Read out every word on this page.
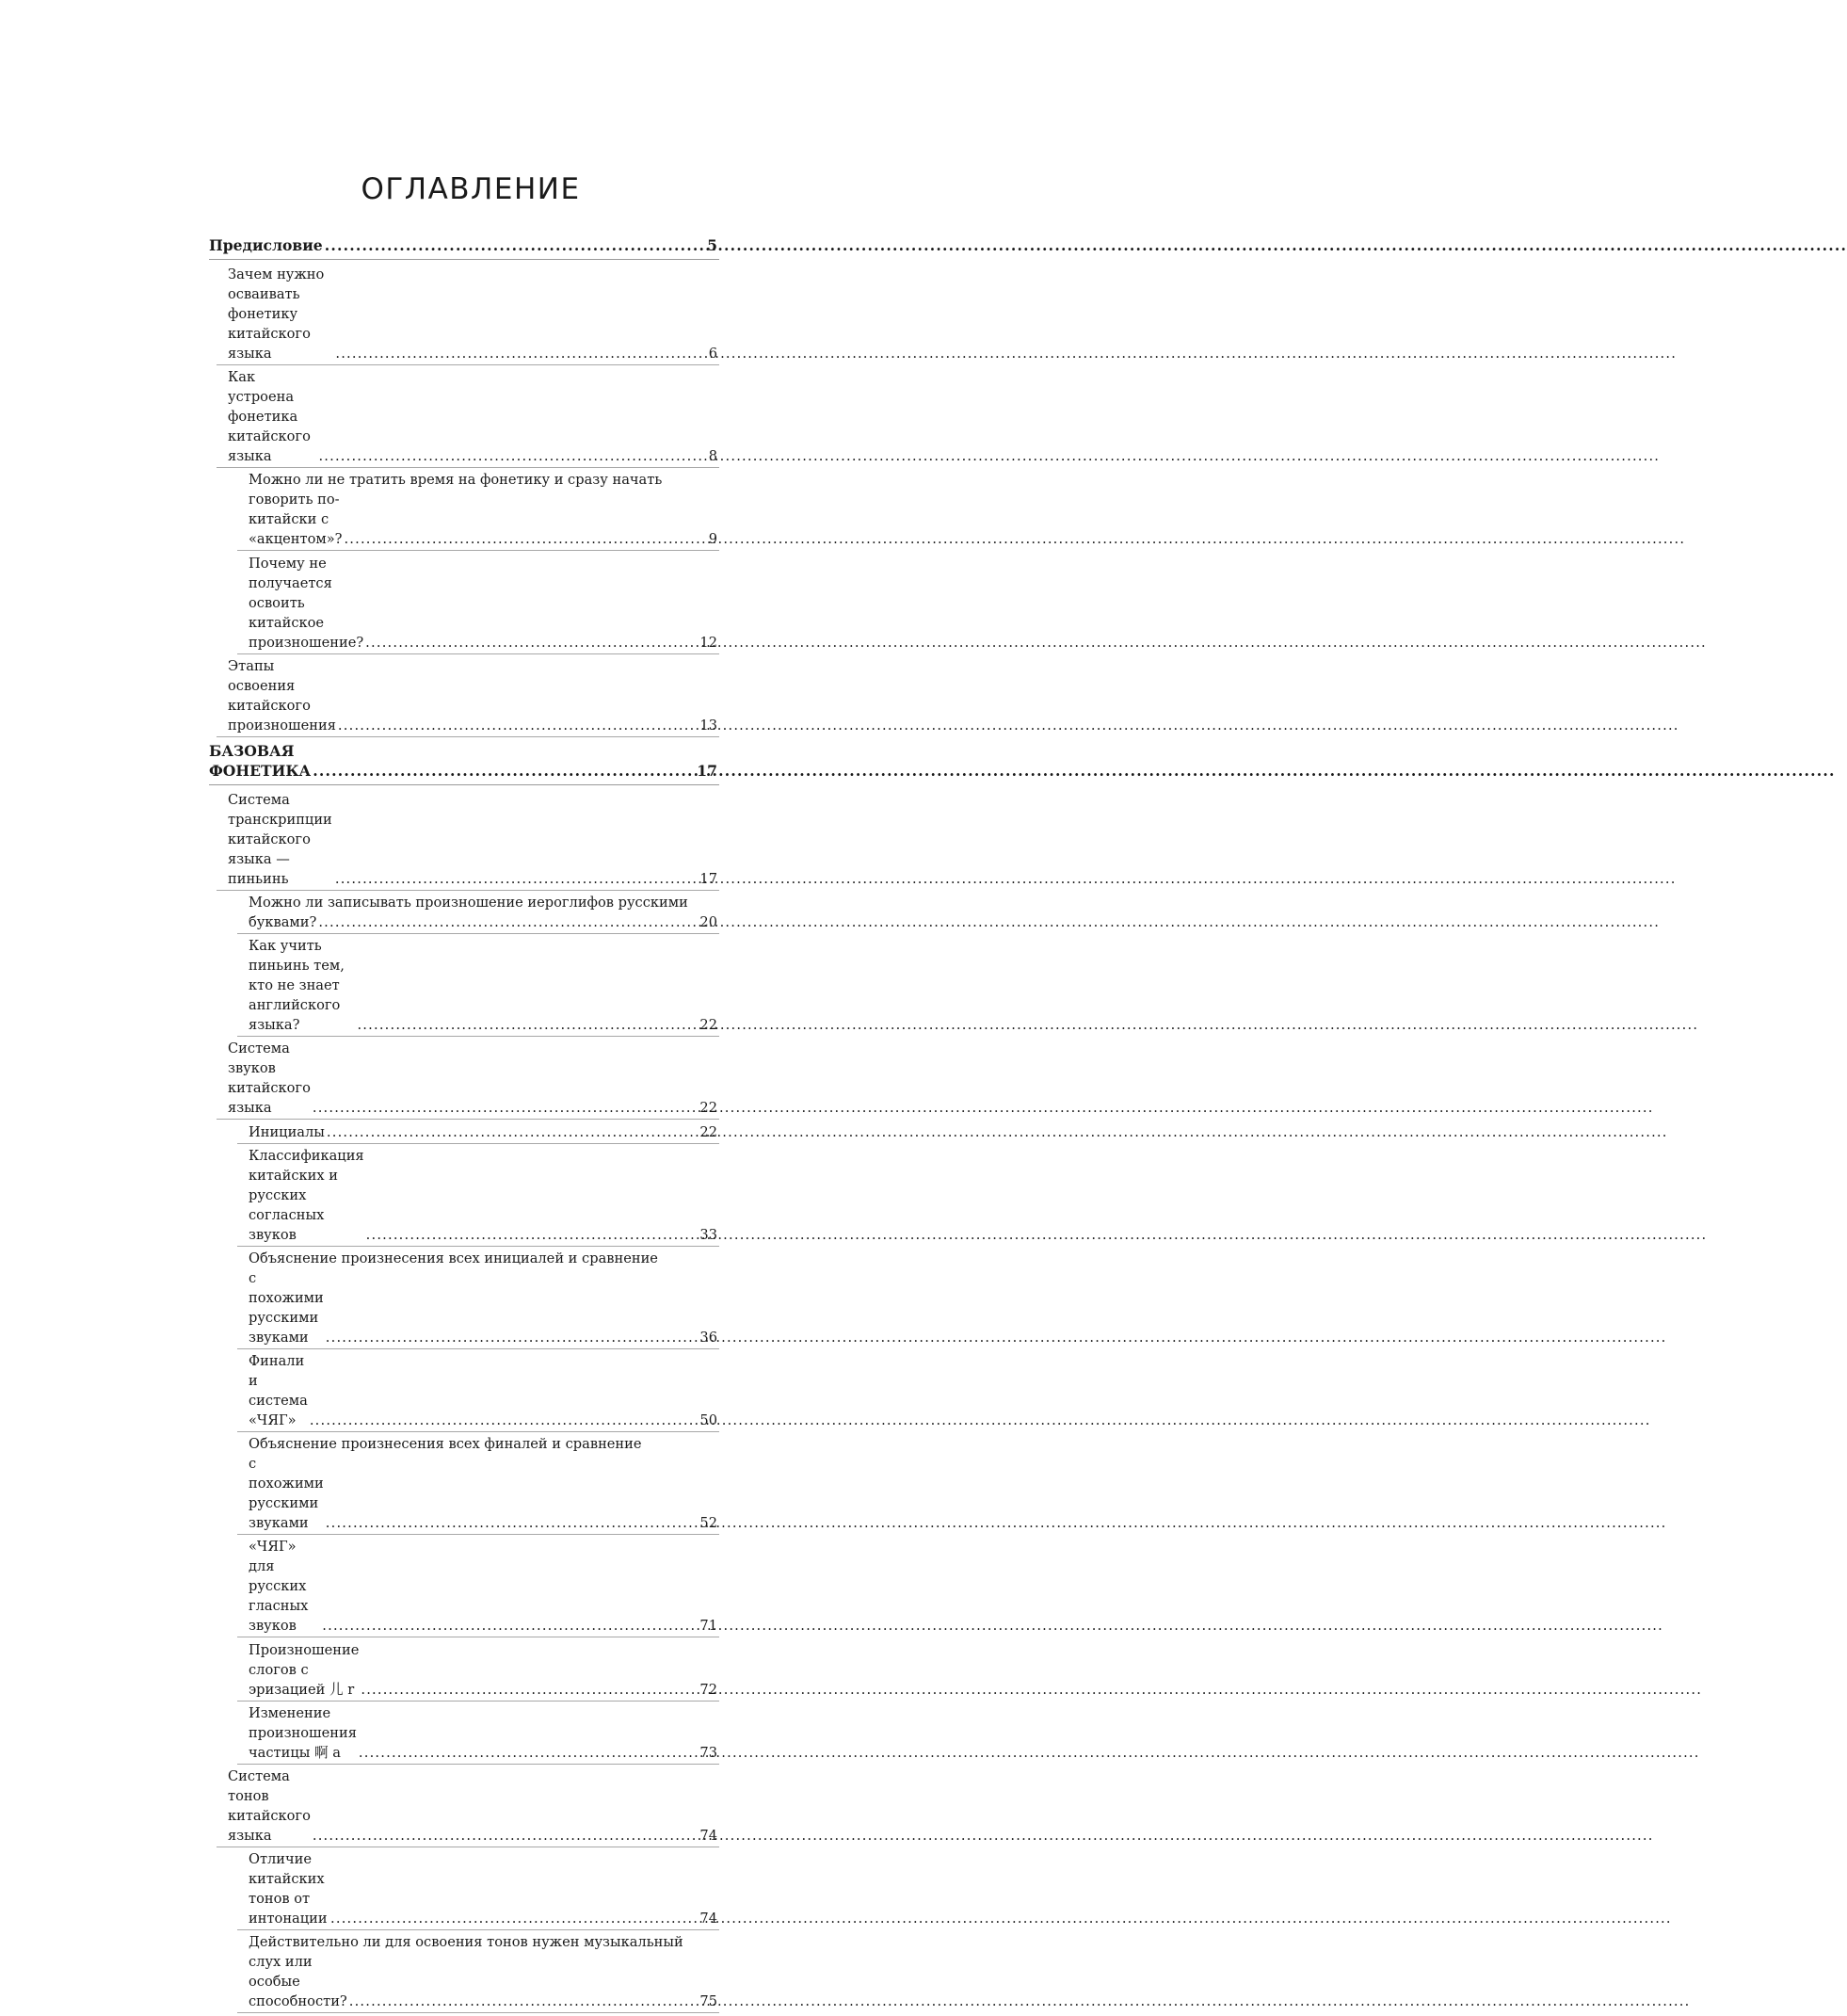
ОГЛАВЛЕНИЕ
Предисловие .....	5
Зачем нужно осваивать фонетику китайского языка .....	6
Как устроена фонетика китайского языка .....	8
Можно ли не тратить время на фонетику и сразу начать
говорить по-китайски с «акцентом»? .....	9
Почему не получается освоить китайское произношение? .....	12
Этапы освоения китайского произношения .....	13
БАЗОВАЯ ФОНЕТИКА .....	17
Система транскрипции китайского языка — пиньинь .....	17
Можно ли записывать произношение иероглифов русскими
буквами? .....	20
Как учить пиньинь тем, кто не знает английского языка? .....	22
Система звуков китайского языка .....	22
Инициалы .....	22
Классификация китайских и русских согласных звуков .....	33
Объяснение произнесения всех инициалей и сравнение
с похожими русскими звуками .....	36
Финали и система «ЧЯГ» .....	50
Объяснение произнесения всех финалей и сравнение
с похожими русскими звуками .....	52
«ЧЯГ» для русских гласных звуков .....	71
Произношение слогов с эризацией 儿 r .....	72
Изменение произношения частицы 啊 a .....	73
Система тонов китайского языка .....	74
Отличие китайских тонов от интонации .....	74
Действительно ли для освоения тонов нужен музыкальный
слух или особые способности? .....	75
